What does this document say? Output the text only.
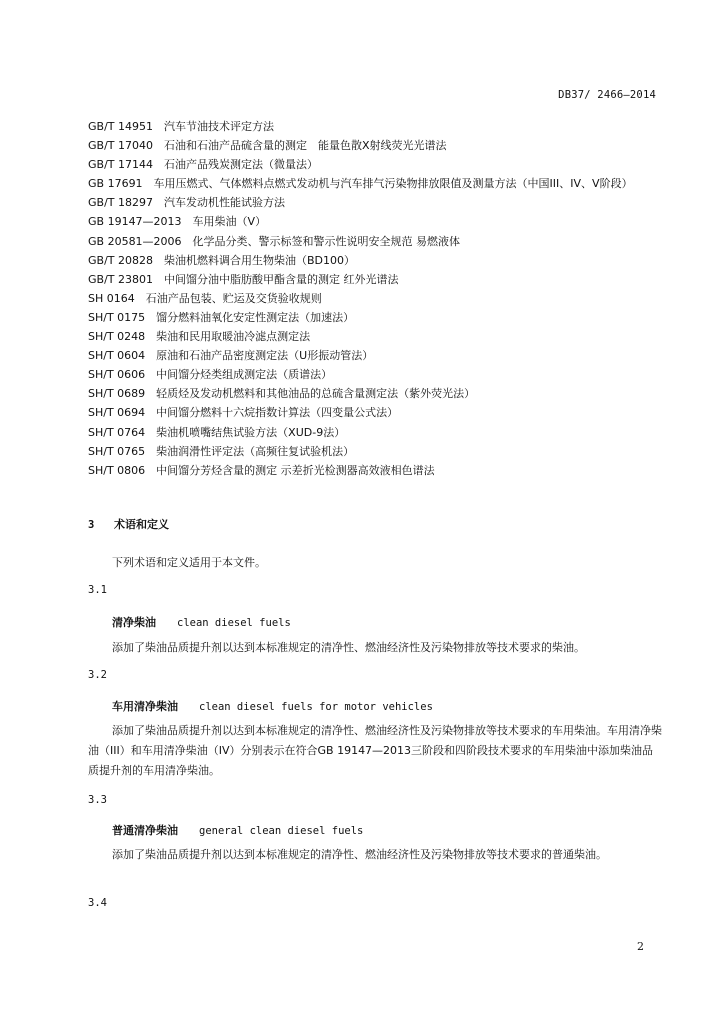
DB37/ 2466—2014
GB/T 14951　汽车节油技术评定方法
GB/T 17040　石油和石油产品硫含量的测定　能量色散X射线荧光光谱法
GB/T 17144　石油产品残炭测定法（微量法）
GB 17691　车用压燃式、气体燃料点燃式发动机与汽车排气污染物排放限值及测量方法（中国III、IV、V阶段）
GB/T 18297　汽车发动机性能试验方法
GB 19147—2013　车用柴油（V）
GB 20581—2006　化学品分类、警示标签和警示性说明安全规范 易燃液体
GB/T 20828　柴油机燃料调合用生物柴油（BD100）
GB/T 23801　中间馏分油中脂肪酸甲酯含量的测定 红外光谱法
SH 0164　石油产品包装、贮运及交货验收规则
SH/T 0175　馏分燃料油氧化安定性测定法（加速法）
SH/T 0248　柴油和民用取暖油冷滤点测定法
SH/T 0604　原油和石油产品密度测定法（U形振动管法）
SH/T 0606　中间馏分烃类组成测定法（质谱法）
SH/T 0689　轻质烃及发动机燃料和其他油品的总硫含量测定法（紫外荧光法）
SH/T 0694　中间馏分燃料十六烷指数计算法（四变量公式法）
SH/T 0764　柴油机喷嘴结焦试验方法（XUD-9法）
SH/T 0765　柴油润滑性评定法（高频往复试验机法）
SH/T 0806　中间馏分芳烃含量的测定 示差折光检测器高效液相色谱法
3 术语和定义
下列术语和定义适用于本文件。
3.1
清净柴油 clean diesel fuels
添加了柴油品质提升剂以达到本标准规定的清净性、燃油经济性及污染物排放等技术要求的柴油。
3.2
车用清净柴油 clean diesel fuels for motor vehicles
添加了柴油品质提升剂以达到本标准规定的清净性、燃油经济性及污染物排放等技术要求的车用柴油。车用清净柴油（III）和车用清净柴油（IV）分别表示在符合GB 19147—2013三阶段和四阶段技术要求的车用柴油中添加柴油品质提升剂的车用清净柴油。
3.3
普通清净柴油 general clean diesel fuels
添加了柴油品质提升剂以达到本标准规定的清净性、燃油经济性及污染物排放等技术要求的普通柴油。
3.4
2
